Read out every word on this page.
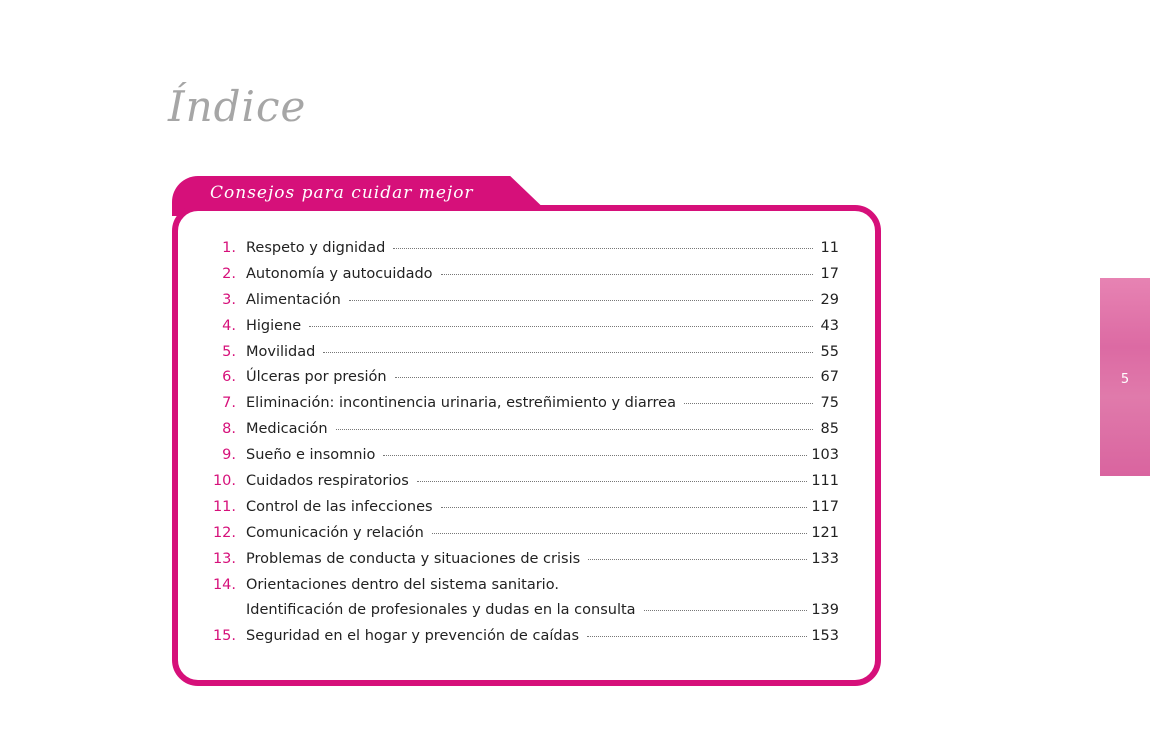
Índice
Consejos para cuidar mejor
1. Respeto y dignidad	11
2. Autonomía y autocuidado	17
3. Alimentación	29
4. Higiene	43
5. Movilidad	55
6. Úlceras por presión	67
7. Eliminación: incontinencia urinaria, estreñimiento y diarrea	75
8. Medicación	85
9. Sueño e insomnio	103
10. Cuidados respiratorios	111
11. Control de las infecciones	117
12. Comunicación y relación	121
13. Problemas de conducta y situaciones de crisis	133
14. Orientaciones dentro del sistema sanitario.
Identificación de profesionales y dudas en la consulta	139
15. Seguridad en el hogar y prevención de caídas	153
5
